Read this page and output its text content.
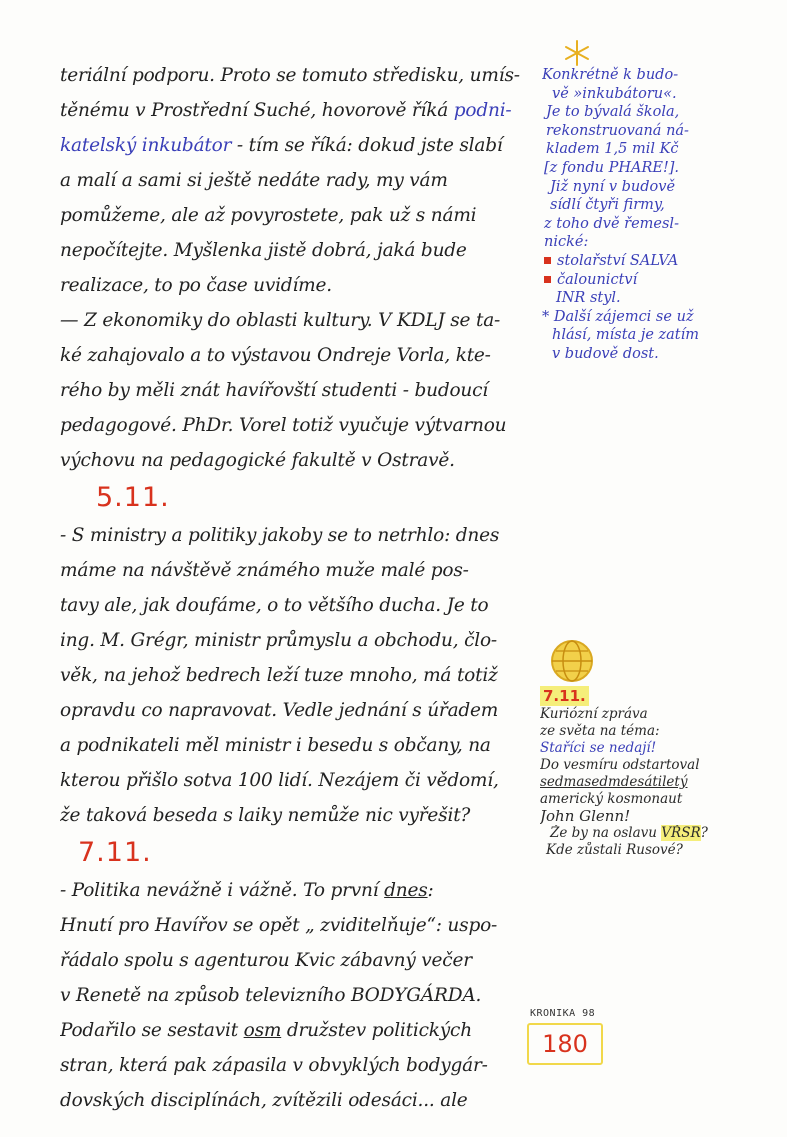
teriální podporu. Proto se tomuto středisku, umís-
těnému v Prostřední Suché, hovorově říká podni-
katelský inkubátor - tím se říká: dokud jste slabí
a malí a sami si ještě nedáte rady, my vám
pomůžeme, ale až povyrostete, pak už s námi
nepočítejte. Myšlenka jistě dobrá, jaká bude
realizace, to po čase uvidíme.
— Z ekonomiky do oblasti kultury. V KDLJ se ta-
ké zahajovalo a to výstavou Ondreje Vorla, kte-
rého by měli znát havířovští studenti - budoucí
pedagogové. PhDr. Vorel totiž vyučuje výtvarnou
výchovu na pedagogické fakultě v Ostravě.
5.11.
- S ministry a politiky jakoby se to netrhlo: dnes
máme na návštěvě známého muže malé pos-
tavy ale, jak doufáme, o to většího ducha. Je to
ing. M. Grégr, ministr průmyslu a obchodu, člo-
věk, na jehož bedrech leží tuze mnoho, má totiž
opravdu co napravovat. Vedle jednání s úřadem
a podnikateli měl ministr i besedu s občany, na
kterou přišlo sotva 100 lidí. Nezájem či vědomí,
že taková beseda s laiky nemůže nic vyřešit?
7.11.
- Politika nevážně i vážně. To první dnes:
Hnutí pro Havířov se opět „ zviditelňuje“: uspo-
řádalo spolu s agenturou Kvic zábavný večer
v Renetě na způsob televizního BODYGÁRDA.
Podařilo se sestavit osm družstev politických
stran, která pak zápasila v obvyklých bodygár-
dovských disciplínách, zvítězili odesáci... ale
Konkrétně k budo-
vě »inkubátoru«.
Je to bývalá škola,
rekonstruovaná ná-
kladem 1,5 mil Kč
[z fondu PHARE!].
Již nyní v budově
sídlí čtyři firmy,
z toho dvě řemesl-
nické:
stolařství SALVA
čalounictví
INR styl.
* Další zájemci se už
hlásí, místa je zatím
v budově dost.
7.11.
Kuriózní zpráva
ze světa na téma:
Staříci se nedají!
Do vesmíru odstartoval
sedmasedmdesátiletý
americký kosmonaut
John Glenn!
Že by na oslavu VŘSR?
Kde zůstali Rusové?
KRONIKA 98
180
